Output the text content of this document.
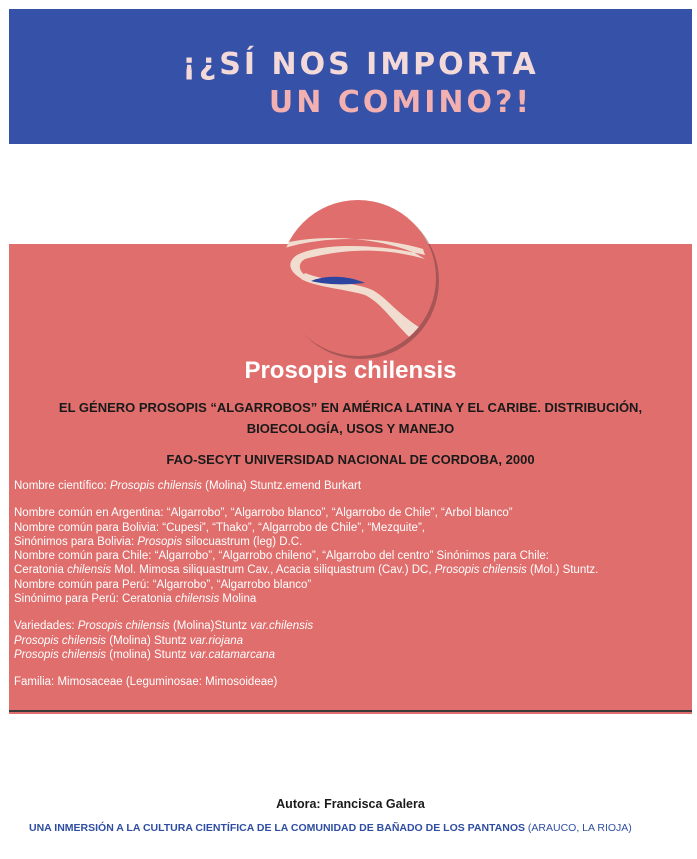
¡¿SÍ NOS IMPORTA
UN COMINO?!
Prosopis chilensis
EL GÉNERO PROSOPIS “ALGARROBOS” EN AMÉRICA LATINA Y EL CARIBE. DISTRIBUCIÓN,
BIOECOLOGÍA, USOS Y MANEJO
FAO-SECYT UNIVERSIDAD NACIONAL DE CORDOBA, 2000

Nombre científico: Prosopis chilensis (Molina) Stuntz.emend Burkart

Nombre común en Argentina: “Algarrobo”, “Algarrobo blanco”, “Algarrobo de Chile”, “Arbol blanco”

Nombre común para Bolivia: “Cupesi”, “Thako”, “Algarrobo de Chile”, “Mezquite”,

Sinónimos para Bolivia: Prosopis silocuastrum (leg) D.C.

Nombre común para Chile: “Algarrobo”, “Algarrobo chileno”, “Algarrobo del centro” Sinónimos para Chile:

Ceratonia chilensis Mol. Mimosa siliquastrum Cav., Acacia siliquastrum (Cav.) DC, Prosopis chilensis (Mol.) Stuntz.

Nombre común para Perú: “Algarrobo”, “Algarrobo blanco”

Sinónimo para Perú: Ceratonia chilensis Molina

Variedades: Prosopis chilensis (Molina)Stuntz var.chilensis

Prosopis chilensis (Molina) Stuntz var.riojana

Prosopis chilensis (molina) Stuntz var.catamarcana

Familia: Mimosaceae (Leguminosae: Mimosoideae)

El trabajo presenta una descripción botánica de esta especie, su bioecofloglía, origen y distribución, usos, calidad de frutos y maderas, silvicultura y manejo, presentando una abundante bibliografía de referencia e imágenes que ilustran acerca de esta especie

Autora: Francisca Galera
UNA INMERSIÓN A LA CULTURA CIENTÍFICA DE LA COMUNIDAD DE BAÑADO DE LOS PANTANOS (ARAUCO, LA RIOJA)
